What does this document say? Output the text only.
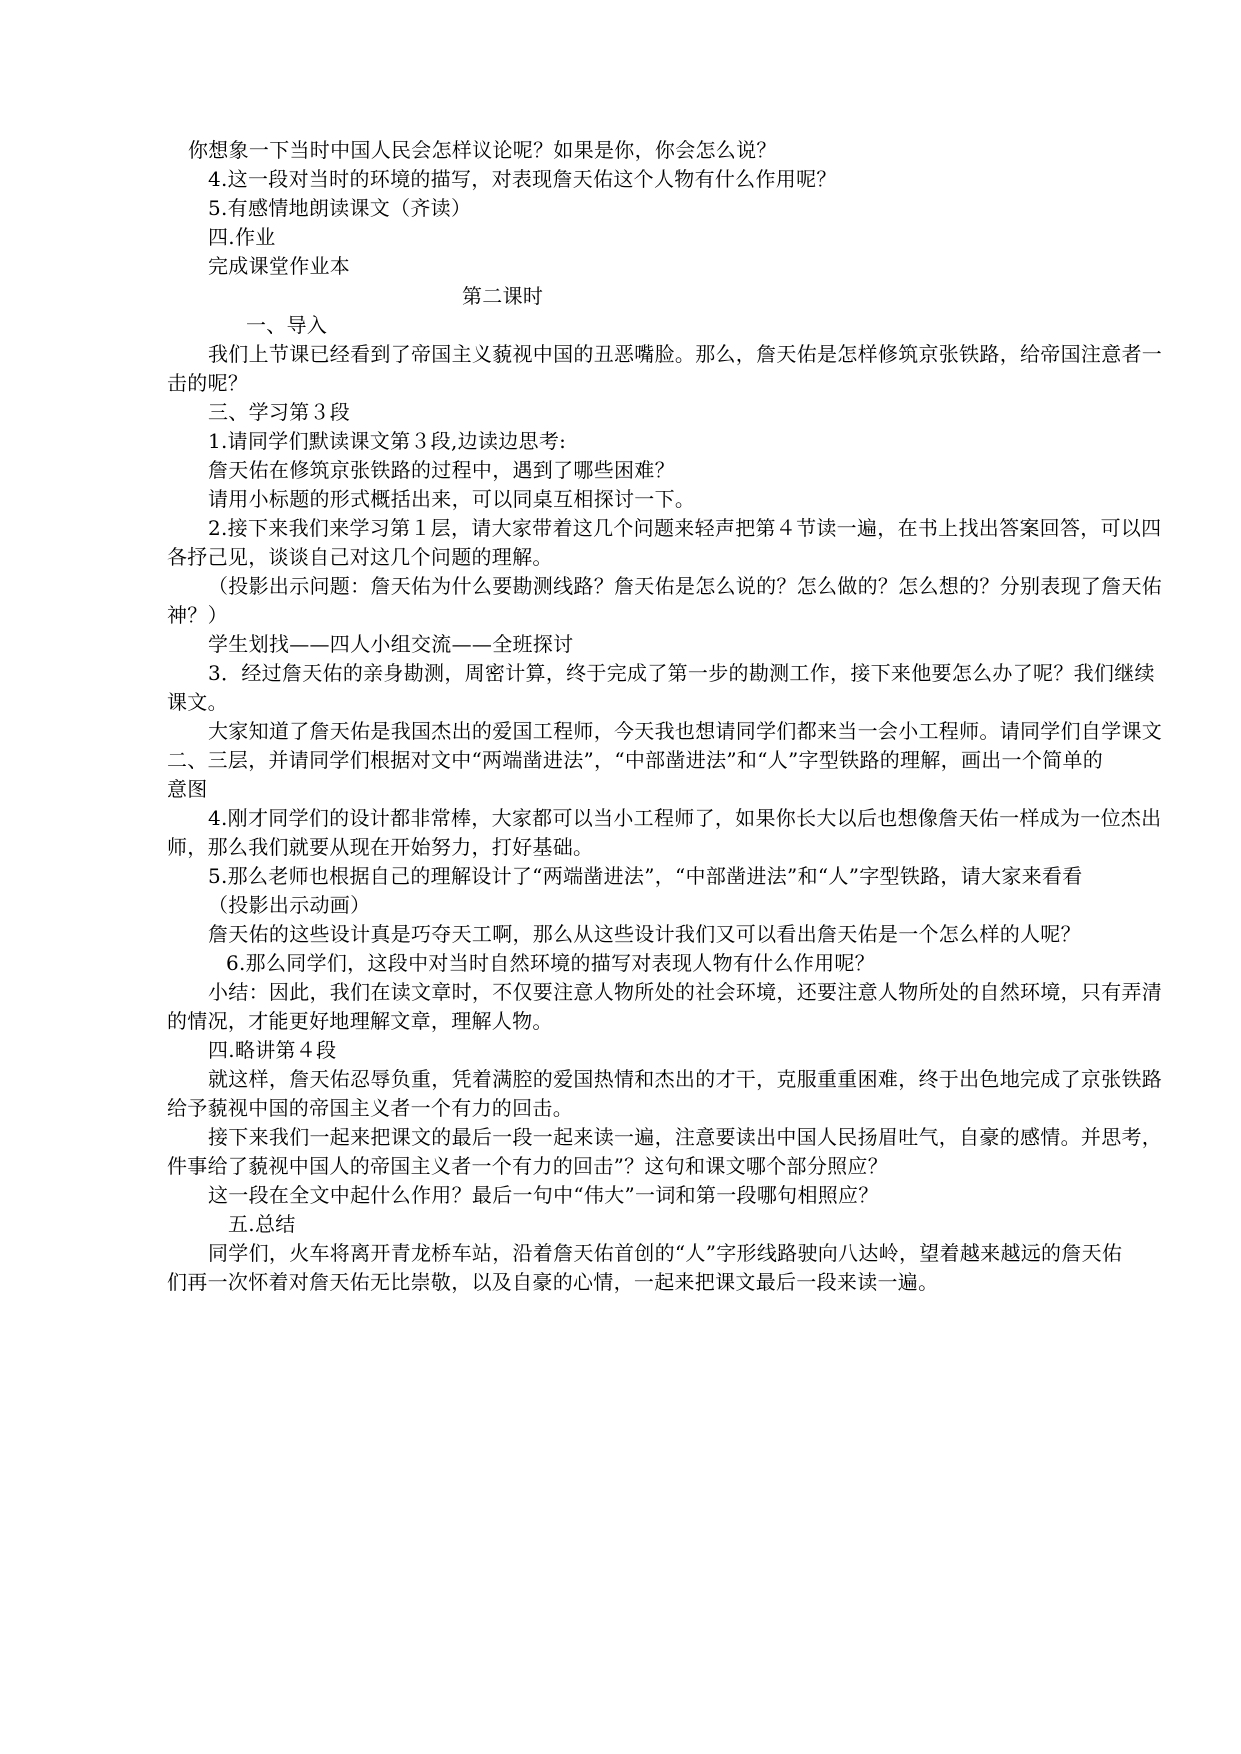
你想象一下当时中国人民会怎样议论呢？如果是你，你会怎么说？
4.这一段对当时的环境的描写，对表现詹天佑这个人物有什么作用呢？
5.有感情地朗读课文（齐读）
四.作业
完成课堂作业本
第二课时
一、导入
我们上节课已经看到了帝国主义藐视中国的丑恶嘴脸。那么，詹天佑是怎样修筑京张铁路，给帝国注意者一
击的呢？
三、学习第３段
1.请同学们默读课文第３段,边读边思考:
詹天佑在修筑京张铁路的过程中，遇到了哪些困难？
请用小标题的形式概括出来，可以同桌互相探讨一下。
2.接下来我们来学习第１层，请大家带着这几个问题来轻声把第４节读一遍，在书上找出答案回答，可以四
各抒己见，谈谈自己对这几个问题的理解。
（投影出示问题：詹天佑为什么要勘测线路？詹天佑是怎么说的？怎么做的？怎么想的？分别表现了詹天佑
神？）
学生划找——四人小组交流——全班探讨
3．经过詹天佑的亲身勘测，周密计算，终于完成了第一步的勘测工作，接下来他要怎么办了呢？我们继续
课文。
大家知道了詹天佑是我国杰出的爱国工程师，今天我也想请同学们都来当一会小工程师。请同学们自学课文
二、三层，并请同学们根据对文中“两端凿进法”，“中部凿进法”和“人”字型铁路的理解，画出一个简单的
意图
4.刚才同学们的设计都非常棒，大家都可以当小工程师了，如果你长大以后也想像詹天佑一样成为一位杰出
师，那么我们就要从现在开始努力，打好基础。
5.那么老师也根据自己的理解设计了“两端凿进法”，“中部凿进法”和“人”字型铁路，请大家来看看
（投影出示动画）
詹天佑的这些设计真是巧夺天工啊，那么从这些设计我们又可以看出詹天佑是一个怎么样的人呢？
6.那么同学们，这段中对当时自然环境的描写对表现人物有什么作用呢？
小结：因此，我们在读文章时，不仅要注意人物所处的社会环境，还要注意人物所处的自然环境，只有弄清
的情况，才能更好地理解文章，理解人物。
四.略讲第４段
就这样，詹天佑忍辱负重，凭着满腔的爱国热情和杰出的才干，克服重重困难，终于出色地完成了京张铁路
给予藐视中国的帝国主义者一个有力的回击。
接下来我们一起来把课文的最后一段一起来读一遍，注意要读出中国人民扬眉吐气，自豪的感情。并思考，
件事给了藐视中国人的帝国主义者一个有力的回击”？这句和课文哪个部分照应？
这一段在全文中起什么作用？最后一句中“伟大”一词和第一段哪句相照应？
五.总结
同学们，火车将离开青龙桥车站，沿着詹天佑首创的“人”字形线路驶向八达岭，望着越来越远的詹天佑
们再一次怀着对詹天佑无比崇敬，以及自豪的心情，一起来把课文最后一段来读一遍。
